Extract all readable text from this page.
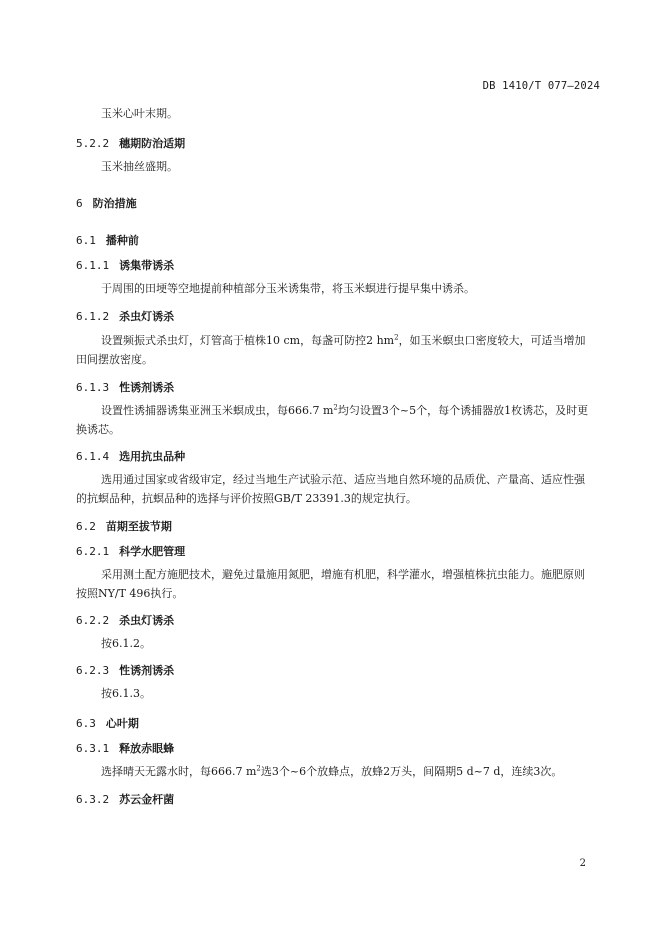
DB 1410/T 077—2024
玉米心叶末期。
5.2.2 穗期防治适期
玉米抽丝盛期。
6 防治措施
6.1 播种前
6.1.1 诱集带诱杀
于周围的田埂等空地提前种植部分玉米诱集带，将玉米螟进行提早集中诱杀。
6.1.2 杀虫灯诱杀
设置频振式杀虫灯，灯管高于植株10 cm，每盏可防控2 $hm^2$，如玉米螟虫口密度较大，可适当增加田间摆放密度。
6.1.3 性诱剂诱杀
设置性诱捕器诱集亚洲玉米螟成虫，每666.7 $m^2$均匀设置3个~5个，每个诱捕器放1枚诱芯，及时更换诱芯。
6.1.4 选用抗虫品种
选用通过国家或省级审定，经过当地生产试验示范、适应当地自然环境的品质优、产量高、适应性强的抗螟品种，抗螟品种的选择与评价按照GB/T 23391.3的规定执行。
6.2 苗期至拔节期
6.2.1 科学水肥管理
采用测土配方施肥技术，避免过量施用氮肥，增施有机肥，科学灌水，增强植株抗虫能力。施肥原则按照NY/T 496执行。
6.2.2 杀虫灯诱杀
按6.1.2。
6.2.3 性诱剂诱杀
按6.1.3。
6.3 心叶期
6.3.1 释放赤眼蜂
选择晴天无露水时，每666.7 $m^2$选3个~6个放蜂点，放蜂2万头，间隔期5 d~7 d，连续3次。
6.3.2 苏云金杆菌
2
